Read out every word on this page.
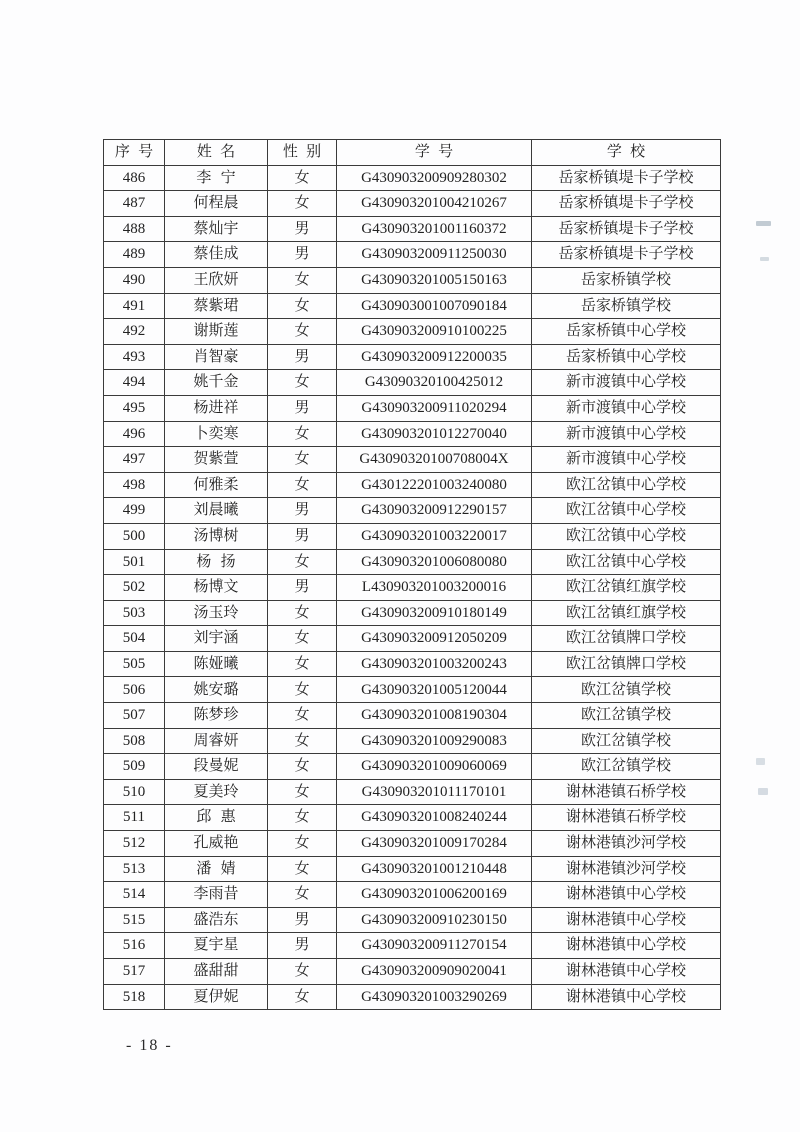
序号	姓名	性别	学号	学校
486	李宁	女	G430903200909280302	岳家桥镇堤卡子学校
487	何程晨	女	G430903201004210267	岳家桥镇堤卡子学校
488	蔡灿宇	男	G430903201001160372	岳家桥镇堤卡子学校
489	蔡佳成	男	G430903200911250030	岳家桥镇堤卡子学校
490	王欣妍	女	G430903201005150163	岳家桥镇学校
491	蔡紫珺	女	G430903001007090184	岳家桥镇学校
492	谢斯莲	女	G430903200910100225	岳家桥镇中心学校
493	肖智豪	男	G430903200912200035	岳家桥镇中心学校
494	姚千金	女	G43090320100425012	新市渡镇中心学校
495	杨进祥	男	G430903200911020294	新市渡镇中心学校
496	卜奕寒	女	G430903201012270040	新市渡镇中心学校
497	贺紫萱	女	G43090320100708004X	新市渡镇中心学校
498	何雅柔	女	G430122201003240080	欧江岔镇中心学校
499	刘晨曦	男	G430903200912290157	欧江岔镇中心学校
500	汤博树	男	G430903201003220017	欧江岔镇中心学校
501	杨扬	女	G430903201006080080	欧江岔镇中心学校
502	杨博文	男	L430903201003200016	欧江岔镇红旗学校
503	汤玉玲	女	G430903200910180149	欧江岔镇红旗学校
504	刘宇涵	女	G430903200912050209	欧江岔镇牌口学校
505	陈娅曦	女	G430903201003200243	欧江岔镇牌口学校
506	姚安璐	女	G430903201005120044	欧江岔镇学校
507	陈梦珍	女	G430903201008190304	欧江岔镇学校
508	周睿妍	女	G430903201009290083	欧江岔镇学校
509	段曼妮	女	G430903201009060069	欧江岔镇学校
510	夏美玲	女	G430903201011170101	谢林港镇石桥学校
511	邱惠	女	G430903201008240244	谢林港镇石桥学校
512	孔威艳	女	G430903201009170284	谢林港镇沙河学校
513	潘婧	女	G430903201001210448	谢林港镇沙河学校
514	李雨昔	女	G430903201006200169	谢林港镇中心学校
515	盛浩东	男	G430903200910230150	谢林港镇中心学校
516	夏宇星	男	G430903200911270154	谢林港镇中心学校
517	盛甜甜	女	G430903200909020041	谢林港镇中心学校
518	夏伊妮	女	G430903201003290269	谢林港镇中心学校
- 18 -
